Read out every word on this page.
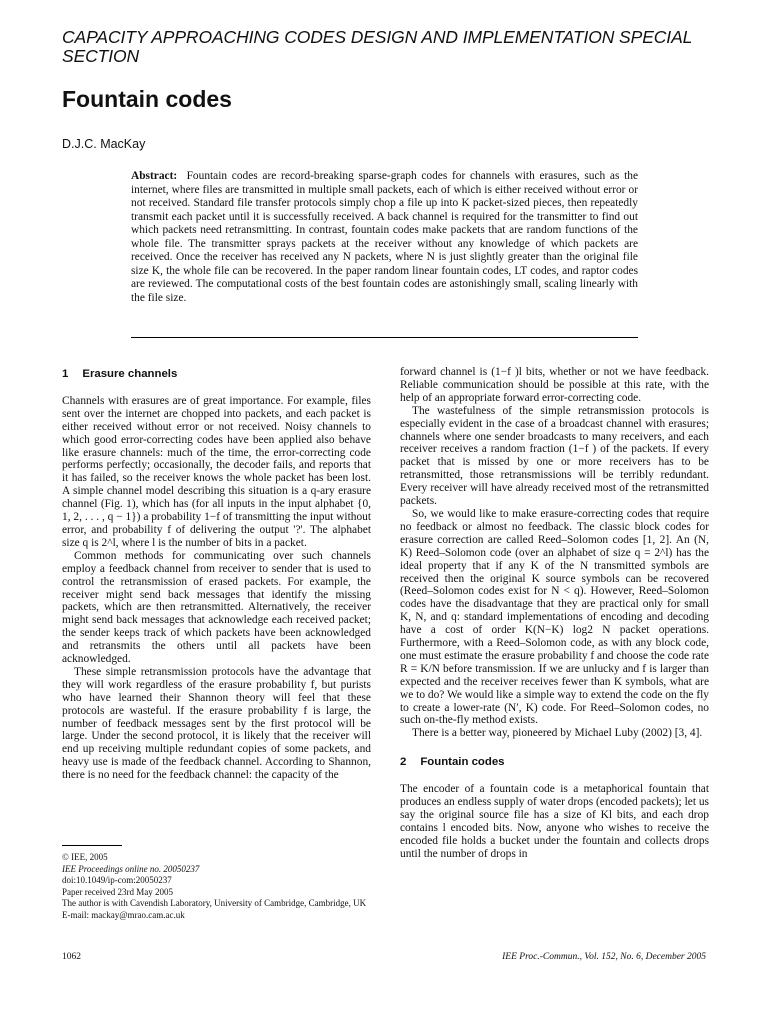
CAPACITY APPROACHING CODES DESIGN AND IMPLEMENTATION SPECIAL SECTION
Fountain codes
D.J.C. MacKay
Abstract: Fountain codes are record-breaking sparse-graph codes for channels with erasures, such as the internet, where files are transmitted in multiple small packets, each of which is either received without error or not received. Standard file transfer protocols simply chop a file up into K packet-sized pieces, then repeatedly transmit each packet until it is successfully received. A back channel is required for the transmitter to find out which packets need retransmitting. In contrast, fountain codes make packets that are random functions of the whole file. The transmitter sprays packets at the receiver without any knowledge of which packets are received. Once the receiver has received any N packets, where N is just slightly greater than the original file size K, the whole file can be recovered. In the paper random linear fountain codes, LT codes, and raptor codes are reviewed. The computational costs of the best fountain codes are astonishingly small, scaling linearly with the file size.
1 Erasure channels

Channels with erasures are of great importance. For example, files sent over the internet are chopped into packets, and each packet is either received without error or not received. Noisy channels to which good error-correcting codes have been applied also behave like erasure channels: much of the time, the error-correcting code performs perfectly; occasionally, the decoder fails, and reports that it has failed, so the receiver knows the whole packet has been lost. A simple channel model describing this situation is a q-ary erasure channel (Fig. 1), which has (for all inputs in the input alphabet {0, 1, 2, . . . , q − 1}) a probability 1−f of transmitting the input without error, and probability f of delivering the output '?'. The alphabet size q is 2^l, where l is the number of bits in a packet.

Common methods for communicating over such channels employ a feedback channel from receiver to sender that is used to control the retransmission of erased packets. For example, the receiver might send back messages that identify the missing packets, which are then retransmitted. Alternatively, the receiver might send back messages that acknowledge each received packet; the sender keeps track of which packets have been acknowledged and retransmits the others until all packets have been acknowledged.

These simple retransmission protocols have the advantage that they will work regardless of the erasure probability f, but purists who have learned their Shannon theory will feel that these protocols are wasteful. If the erasure probability f is large, the number of feedback messages sent by the first protocol will be large. Under the second protocol, it is likely that the receiver will end up receiving multiple redundant copies of some packets, and heavy use is made of the feedback channel. According to Shannon, there is no need for the feedback channel: the capacity of the

forward channel is (1−f )l bits, whether or not we have feedback. Reliable communication should be possible at this rate, with the help of an appropriate forward error-correcting code.

The wastefulness of the simple retransmission protocols is especially evident in the case of a broadcast channel with erasures; channels where one sender broadcasts to many receivers, and each receiver receives a random fraction (1−f ) of the packets. If every packet that is missed by one or more receivers has to be retransmitted, those retransmissions will be terribly redundant. Every receiver will have already received most of the retransmitted packets.

So, we would like to make erasure-correcting codes that require no feedback or almost no feedback. The classic block codes for erasure correction are called Reed–Solomon codes [1, 2]. An (N, K) Reed–Solomon code (over an alphabet of size q = 2^l) has the ideal property that if any K of the N transmitted symbols are received then the original K source symbols can be recovered (Reed–Solomon codes exist for N < q). However, Reed–Solomon codes have the disadvantage that they are practical only for small K, N, and q: standard implementations of encoding and decoding have a cost of order K(N−K) log2 N packet operations. Furthermore, with a Reed–Solomon code, as with any block code, one must estimate the erasure probability f and choose the code rate R = K/N before transmission. If we are unlucky and f is larger than expected and the receiver receives fewer than K symbols, what are we to do? We would like a simple way to extend the code on the fly to create a lower-rate (N′, K) code. For Reed–Solomon codes, no such on-the-fly method exists.

There is a better way, pioneered by Michael Luby (2002) [3, 4].

2 Fountain codes

The encoder of a fountain code is a metaphorical fountain that produces an endless supply of water drops (encoded packets); let us say the original source file has a size of Kl bits, and each drop contains l encoded bits. Now, anyone who wishes to receive the encoded file holds a bucket under the fountain and collects drops until the number of drops in

© IEE, 2005

IEE Proceedings online no. 20050237

doi:10.1049/ip-com:20050237

Paper received 23rd May 2005

The author is with Cavendish Laboratory, University of Cambridge, Cambridge, UK

E-mail: mackay@mrao.cam.ac.uk

1062	IEE Proc.-Commun., Vol. 152, No. 6, December 2005
